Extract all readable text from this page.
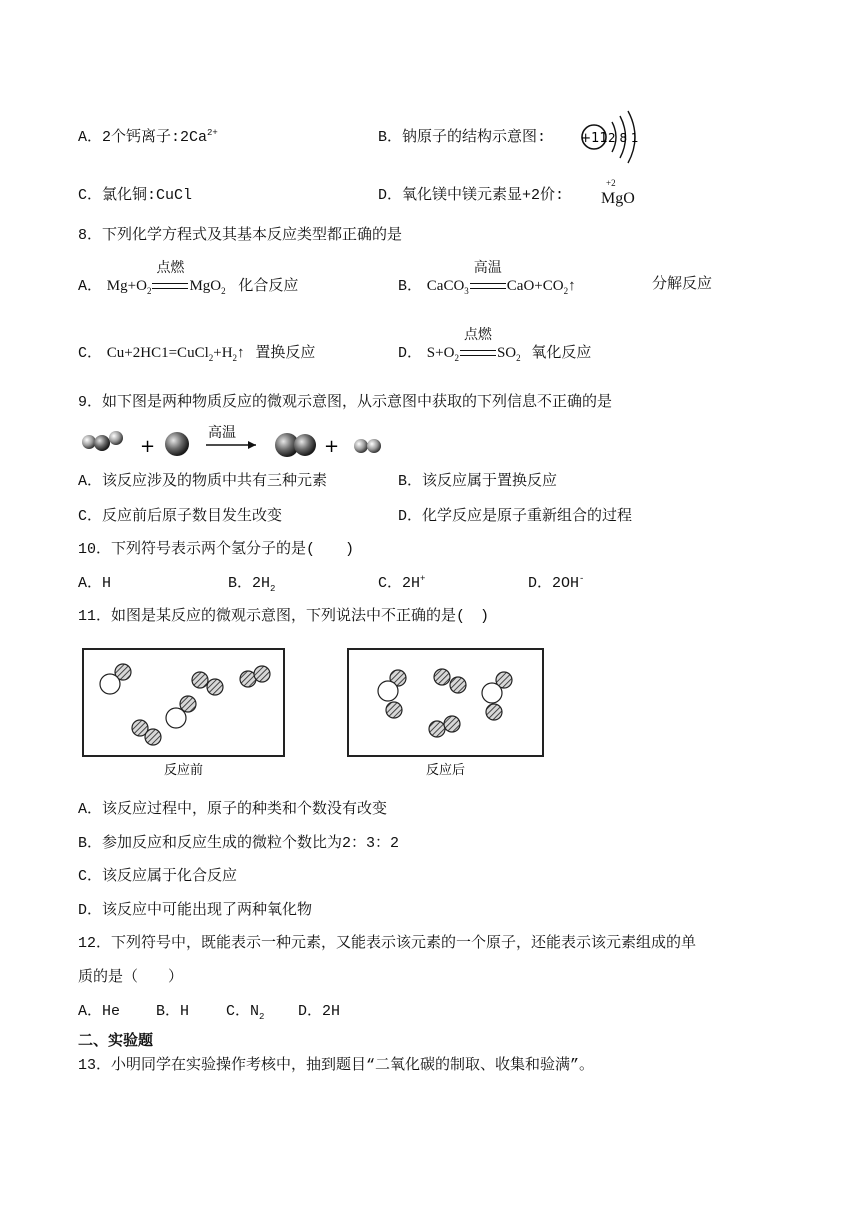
A．2个钙离子$:2Ca^{2+}$	B．钠原子的结构示意图:	+11 2 8 1
C．氯化铜:CuCl	D．氧化镁中镁元素显+2价:
+2
MgO
8．下列化学方程式及其基本反应类型都正确的是
A． $Mg+O_2$
点燃
MgO$_2$ 化合反应	B． CaCO$_3$
高温
$CaO+CO_2↑$	分解反应
C． $Cu+2HC1=CuCl_2+H_2↑$ 置换反应	D． $S+O_2$
点燃
$SO_2$ 氧化反应
9．如下图是两种物质反应的微观示意图，从示意图中获取的下列信息不正确的是
+
高温
+
A．该反应涉及的物质中共有三种元素	B．该反应属于置换反应
C．反应前后原子数目发生改变	D．化学反应是原子重新组合的过程
10．下列符号表示两个氢分子的是(　　)
A．H	B．$2H_2$	C．2H+	D．2OH-
11．如图是某反应的微观示意图，下列说法中不正确的是(　)
反应前	反应后
A．该反应过程中，原子的种类和个数没有改变
B．参加反应和反应生成的微粒个数比为2：3：2
C．该反应属于化合反应
D．该反应中可能出现了两种氧化物
12．下列符号中，既能表示一种元素，又能表示该元素的一个原子，还能表示该元素组成的单
质的是（　　）
A．He B．H C．$N_2$ D．2H
二、实验题
13．小明同学在实验操作考核中，抽到题目“二氧化碳的制取、收集和验满”。
